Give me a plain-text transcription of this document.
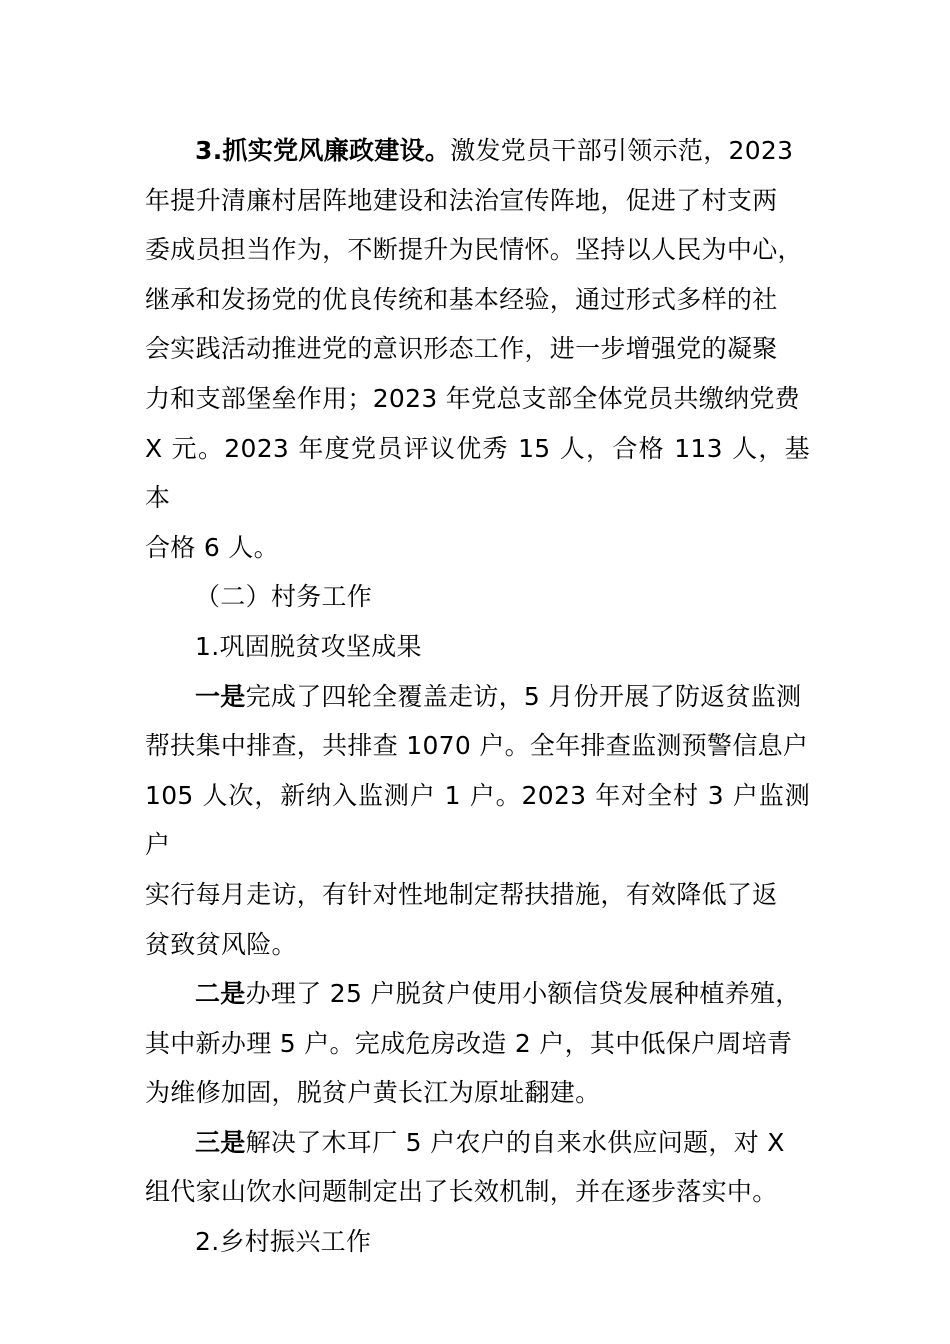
3.抓实党风廉政建设。激发党员干部引领示范，2023
年提升清廉村居阵地建设和法治宣传阵地，促进了村支两
委成员担当作为，不断提升为民情怀。坚持以人民为中心，
继承和发扬党的优良传统和基本经验，通过形式多样的社
会实践活动推进党的意识形态工作，进一步增强党的凝聚
力和支部堡垒作用；2023 年党总支部全体党员共缴纳党费
X 元。2023 年度党员评议优秀 15 人，合格 113 人，基本
合格 6 人。

（二）村务工作

1.巩固脱贫攻坚成果

一是完成了四轮全覆盖走访，5 月份开展了防返贫监测
帮扶集中排查，共排查 1070 户。全年排查监测预警信息户
105 人次，新纳入监测户 1 户。2023 年对全村 3 户监测户
实行每月走访，有针对性地制定帮扶措施，有效降低了返
贫致贫风险。

二是办理了 25 户脱贫户使用小额信贷发展种植养殖，
其中新办理 5 户。完成危房改造 2 户，其中低保户周培青
为维修加固，脱贫户黄长江为原址翻建。

三是解决了木耳厂 5 户农户的自来水供应问题，对 X
组代家山饮水问题制定出了长效机制，并在逐步落实中。

2.乡村振兴工作
